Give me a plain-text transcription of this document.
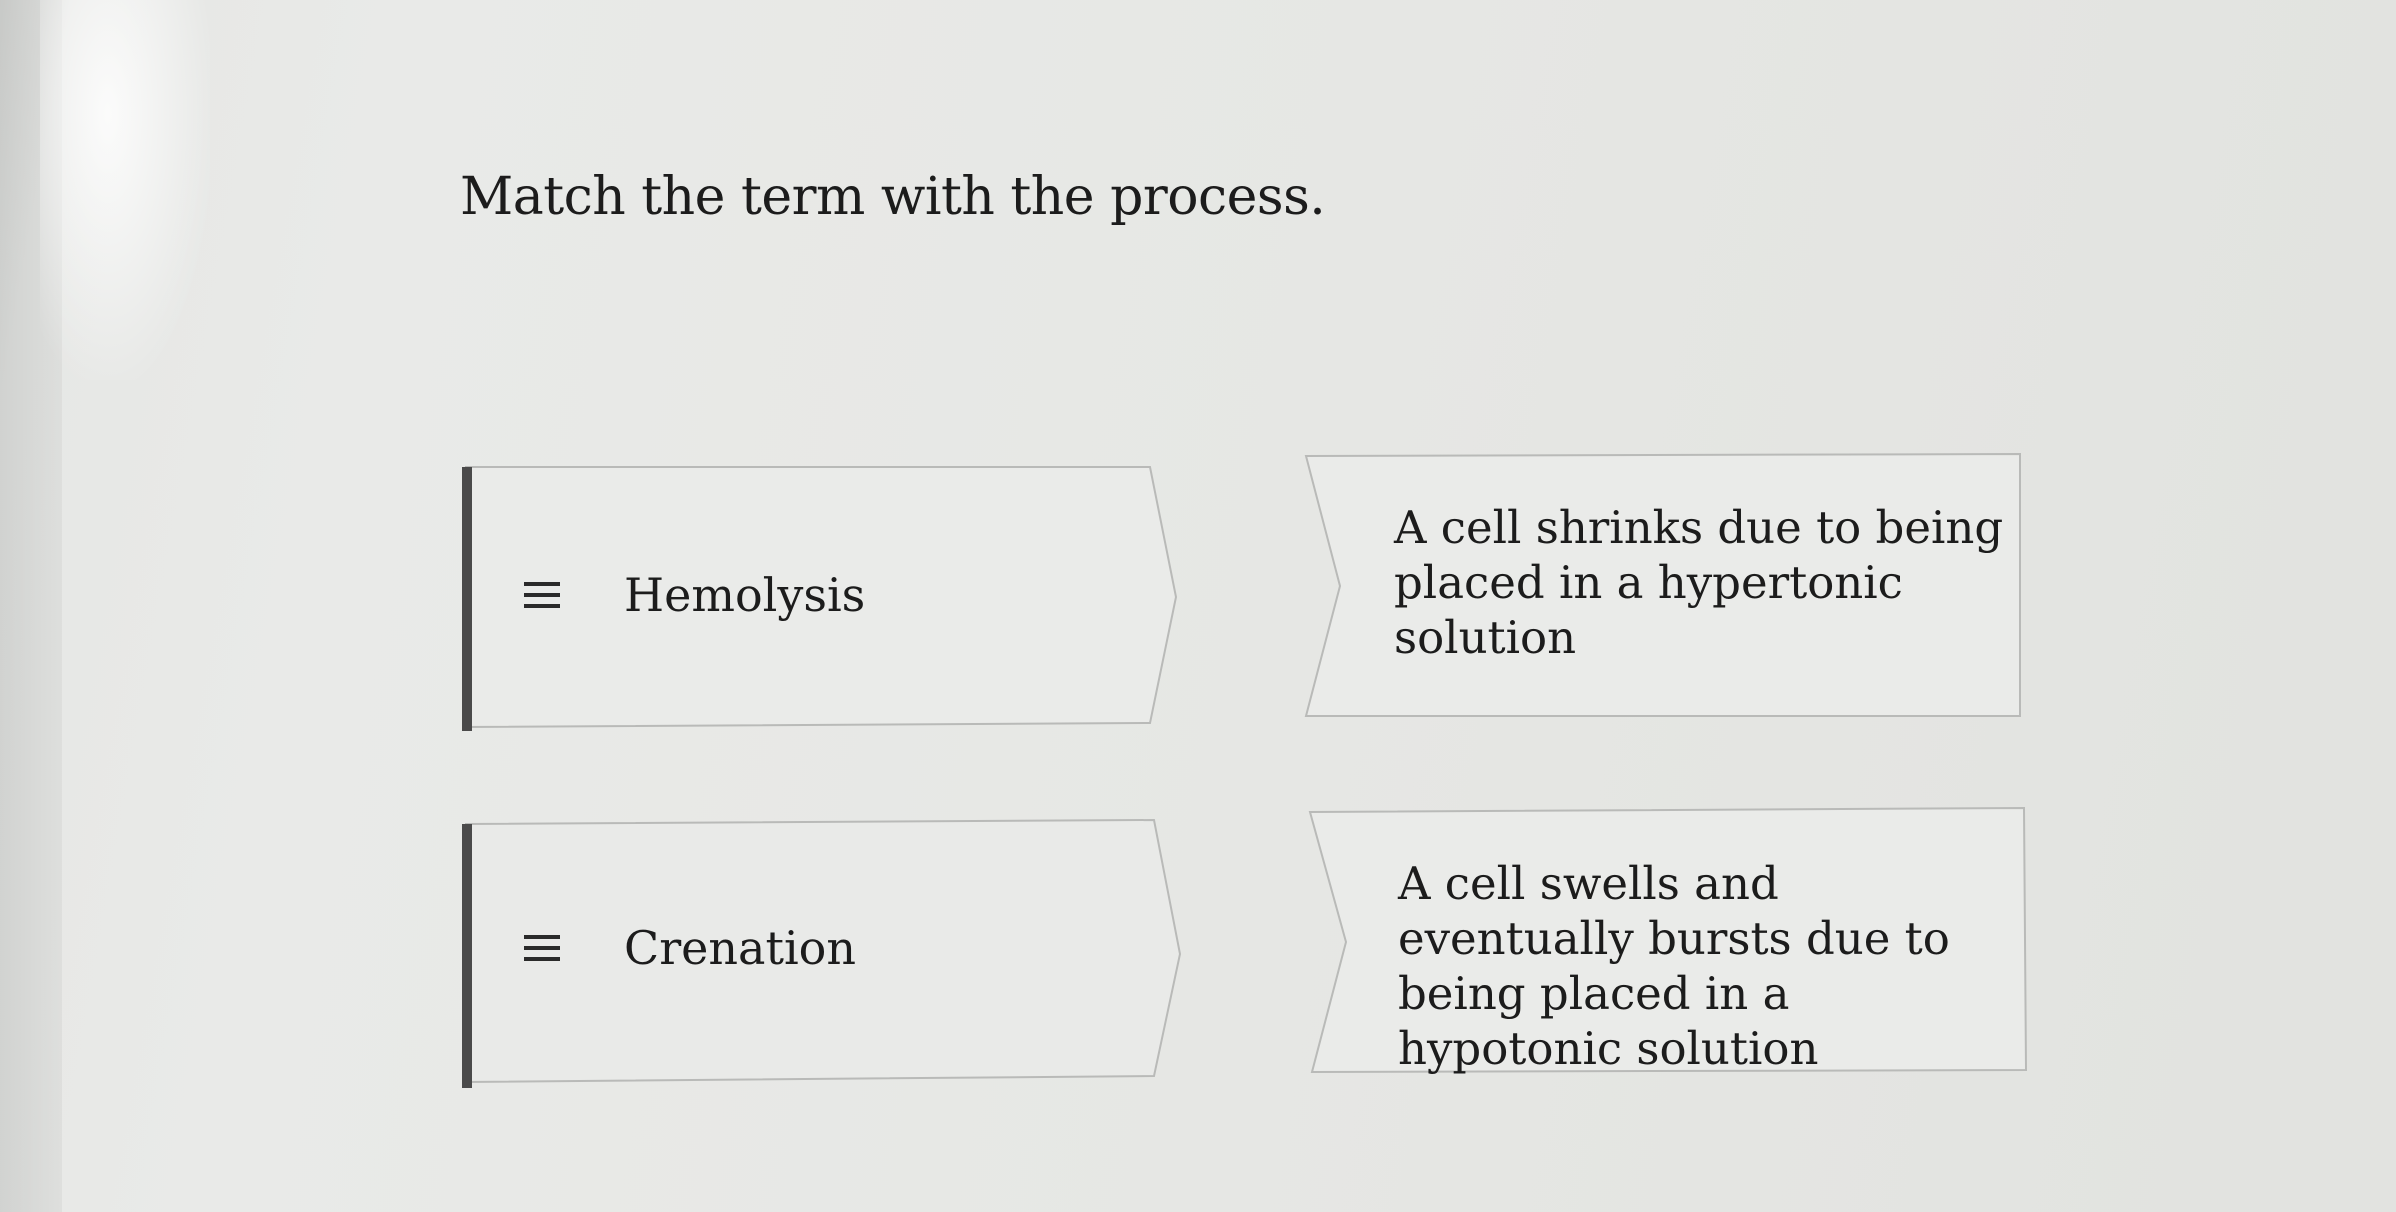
Match the term with the process.
Hemolysis
Crenation
A cell shrinks due to being placed in a hypertonic solution
A cell swells and eventually bursts due to being placed in a hypotonic solution
